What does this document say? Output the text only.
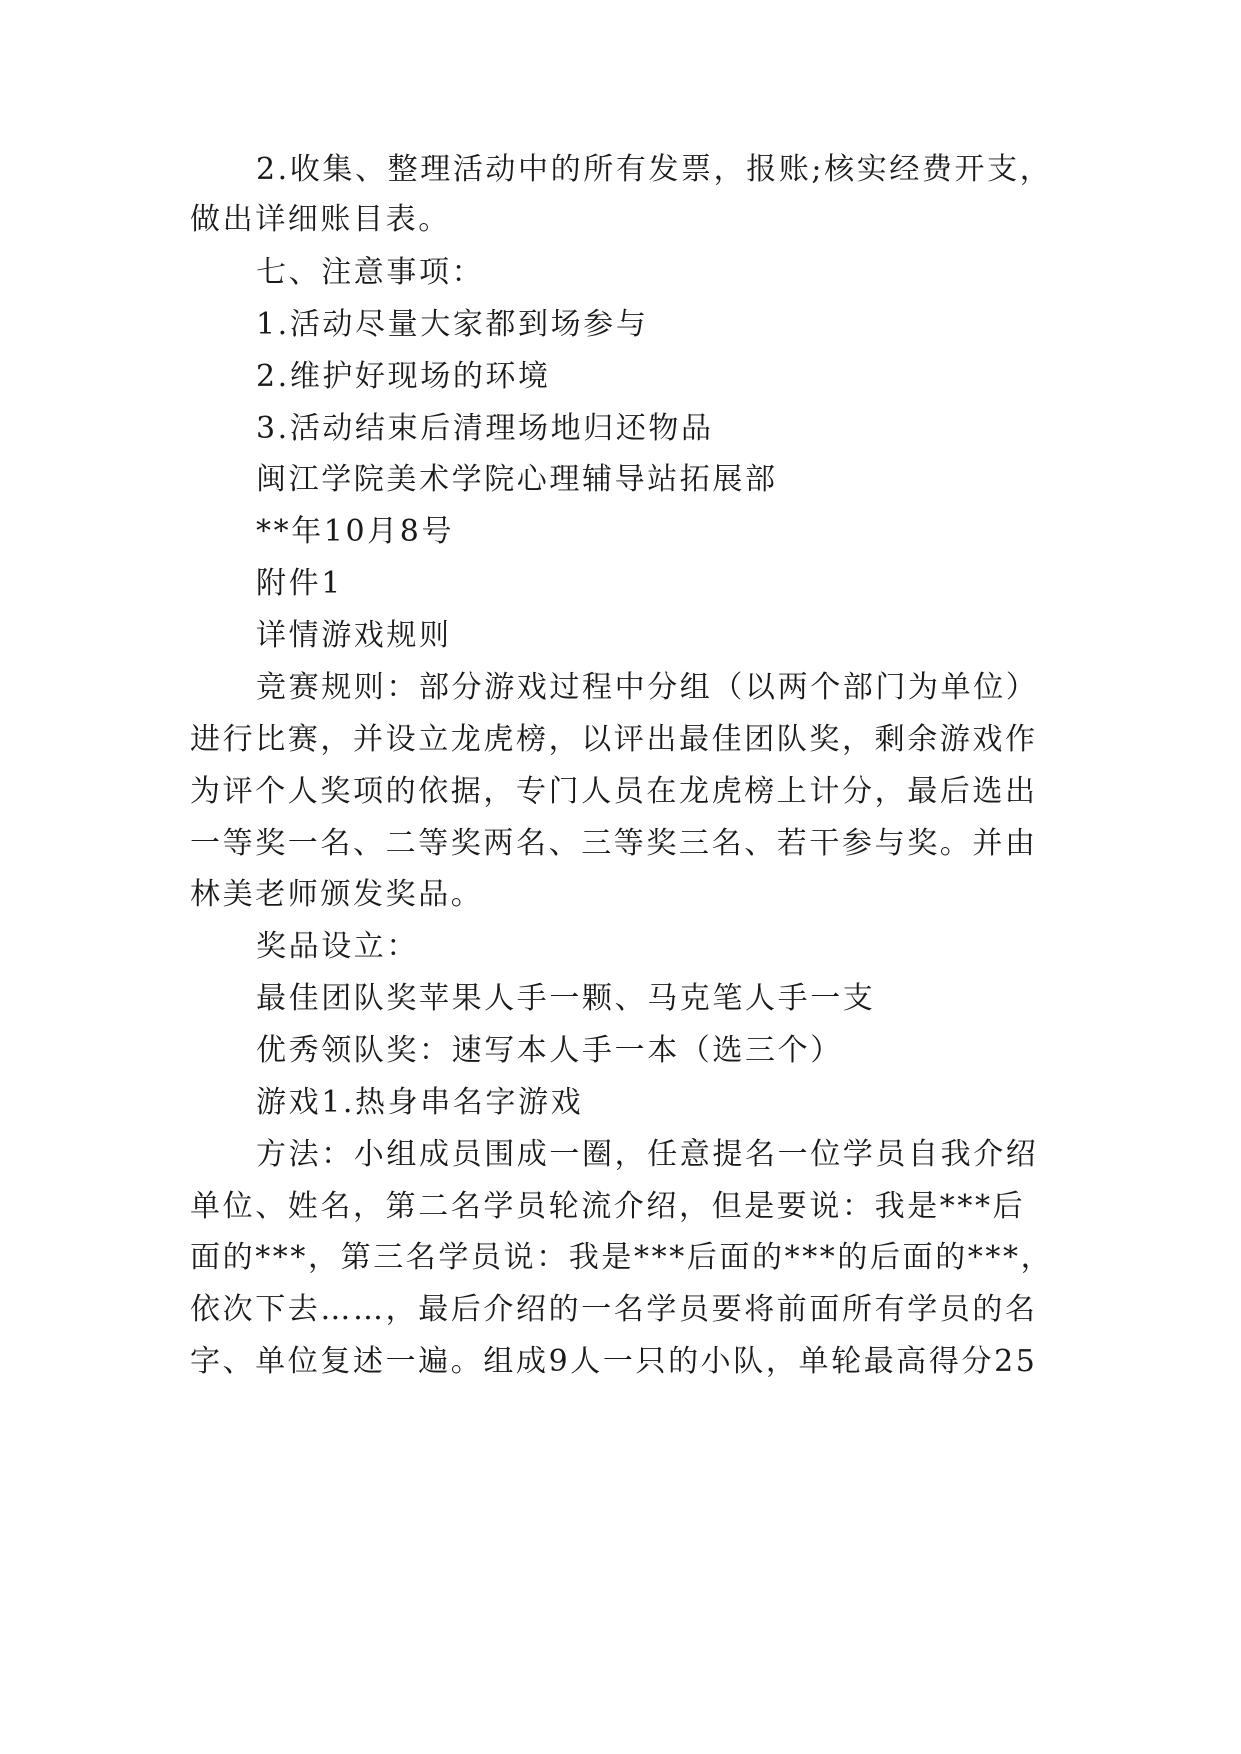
2.收集、整理活动中的所有发票，报账;核实经费开支，
做出详细账目表。
七、注意事项：
1.活动尽量大家都到场参与
2.维护好现场的环境
3.活动结束后清理场地归还物品
闽江学院美术学院心理辅导站拓展部
**年10月8号
附件1
详情游戏规则
竞赛规则：部分游戏过程中分组（以两个部门为单位）
进行比赛，并设立龙虎榜，以评出最佳团队奖，剩余游戏作
为评个人奖项的依据，专门人员在龙虎榜上计分，最后选出
一等奖一名、二等奖两名、三等奖三名、若干参与奖。并由
林美老师颁发奖品。
奖品设立：
最佳团队奖苹果人手一颗、马克笔人手一支
优秀领队奖：速写本人手一本（选三个）
游戏1.热身串名字游戏
方法：小组成员围成一圈，任意提名一位学员自我介绍
单位、姓名，第二名学员轮流介绍，但是要说：我是***后
面的***，第三名学员说：我是***后面的***的后面的***，
依次下去……，最后介绍的一名学员要将前面所有学员的名
字、单位复述一遍。组成9人一只的小队，单轮最高得分25
